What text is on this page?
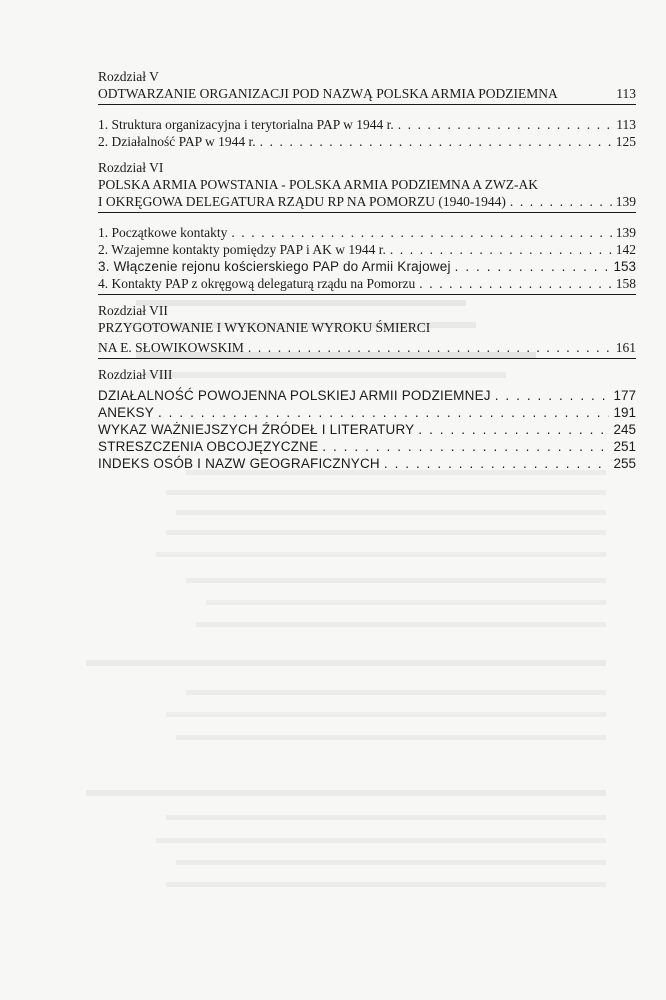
Rozdział V
ODTWARZANIE ORGANIZACJI POD NAZWĄ POLSKA ARMIA PODZIEMNA	113
1. Struktura organizacyjna i terytorialna PAP w 1944 r. . . .	113
2. Działalność PAP w 1944 r. . . .	125
Rozdział VI
POLSKA ARMIA POWSTANIA - POLSKA ARMIA PODZIEMNA A ZWZ-AK
I OKRĘGOWA DELEGATURA RZĄDU RP NA POMORZU (1940-1944) . . .	139
1. Początkowe kontakty . . .	139
2. Wzajemne kontakty pomiędzy PAP i AK w 1944 r. . . .	142
3. Włączenie rejonu kościerskiego PAP do Armii Krajowej . . .	153
4. Kontakty PAP z okręgową delegaturą rządu na Pomorzu . . .	158
Rozdział VII
PRZYGOTOWANIE I WYKONANIE WYROKU ŚMIERCI
NA E. SŁOWIKOWSKIM . . .	161
Rozdział VIII
DZIAŁALNOŚĆ POWOJENNA POLSKIEJ ARMII PODZIEMNEJ . . .	177
ANEKSY . . .	191
WYKAZ WAŻNIEJSZYCH ŹRÓDEŁ I LITERATURY . . .	245
STRESZCZENIA OBCOJĘZYCZNE . . .	251
INDEKS OSÓB I NAZW GEOGRAFICZNYCH . . .	255
